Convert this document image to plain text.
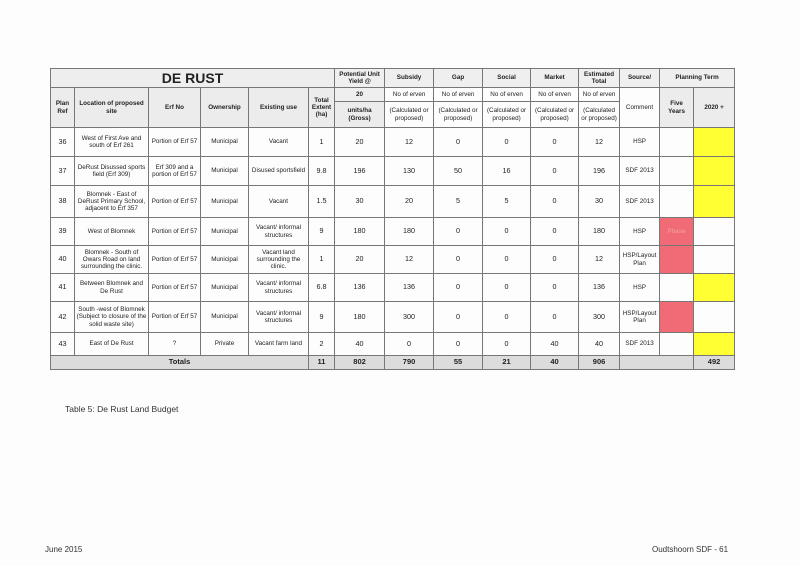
DE RUST						Potential Unit Yield @	Subsidy	Gap	Social	Market	Estimated Total	Source/	Planning Term		
Plan Ref	Location of proposed site	Erf No	Ownership	Existing use	Total Extent (ha)	20	No of erven	No of erven	No of erven	No of erven	No of erven	Comment	Five Years	2020 +	
						units/ha (Gross)	(Calculated or proposed)	(Calculated or proposed)	(Calculated or proposed)	(Calculated or proposed)	(Calculated or proposed)				
36	West of First Ave and south of Erf 261	Portion of Erf 57	Municipal	Vacant	1	20	12	0	0	0	12	HSP			
37	DeRust Disussed sports field (Erf 309)	Erf 309 and a portion of Erf 57	Municipal	Disused sportsfield	9.8	196	130	50	16	0	196	SDF 2013			
38	Blomnek - East of DeRust Primary School, adjacent to Erf 357	Portion of Erf 57	Municipal	Vacant	1.5	30	20	5	5	0	30	SDF 2013			
39	West of Blomnek	Portion of Erf 57	Municipal	Vacant/ informal structures	9	180	180	0	0	0	180	HSP	Phase		
40	Blomnek - South of Owars Road on land surrounding the clinic.	Portion of Erf 57	Municipal	Vacant land surrounding the clinic.	1	20	12	0	0	0	12	HSP/Layout Plan			
41	Between Blomnek and De Rust	Portion of Erf 57	Municipal	Vacant/ informal structures	6.8	136	136	0	0	0	136	HSP			
42	South -west of Blomnek (Subject to closure of the solid waste site)	Portion of Erf 57	Municipal	Vacant/ informal structures	9	180	300	0	0	0	300	HSP/Layout Plan			
43	East of De Rust	?	Private	Vacant farm land	2	40	0	0	0	40	40	SDF 2013			
Totals					11	802	790	55	21	40	906			492	
Table 5: De Rust Land Budget
June 2015	Oudtshoorn SDF - 61
